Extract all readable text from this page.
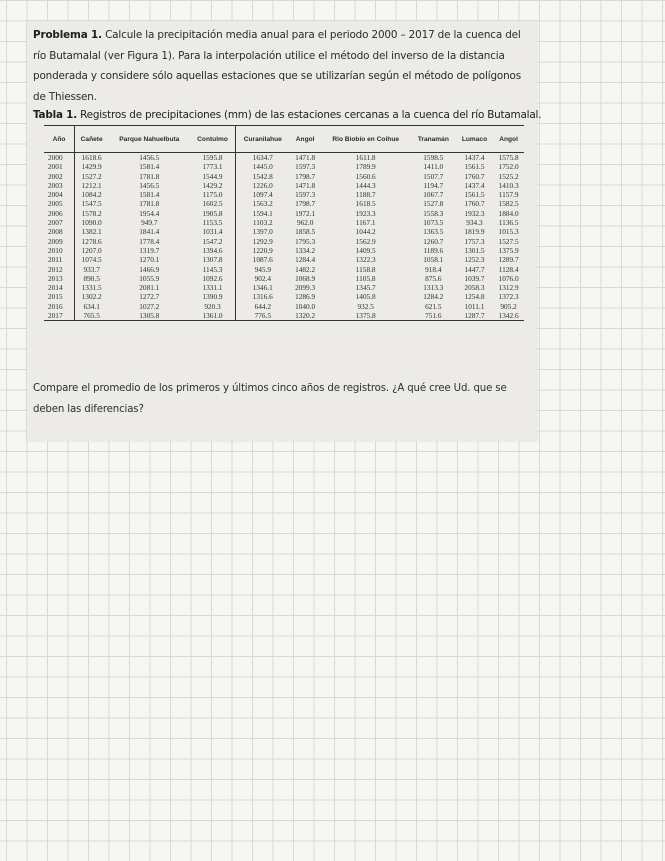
Problema 1. Calcule la precipitación media anual para el periodo 2000 – 2017 de la cuenca del río Butamalal (ver Figura 1). Para la interpolación utilice el método del inverso de la distancia ponderada y considere sólo aquellas estaciones que se utilizarían según el método de polígonos de Thiessen.

Tabla 1. Registros de precipitaciones (mm) de las estaciones cercanas a la cuenca del río Butamalal.
Año	Cañete	Parque Nahuelbuta	Contulmo	Curanilahue	Angol	Rio Biobío en Coihue	Tranamán	Lumaco	Angol
2000	1618.6	1456.5	1595.8	1634.7	1471.8	1611.8	1598.5	1437.4	1575.8
2001	1429.9	1581.4	1773.1	1445.0	1597.3	1789.9	1411.0	1561.5	1752.0
2002	1527.2	1781.8	1544.9	1542.8	1798.7	1560.6	1507.7	1760.7	1525.2
2003	1212.1	1456.5	1429.2	1226.0	1471.8	1444.3	1194.7	1437.4	1410.3
2004	1084.2	1581.4	1175.0	1097.4	1597.3	1188.7	1067.7	1561.5	1157.9
2005	1547.5	1781.8	1602.5	1563.2	1798.7	1618.5	1527.8	1760.7	1582.5
2006	1578.2	1954.4	1905.8	1594.1	1972.1	1923.3	1558.3	1932.3	1884.0
2007	1090.0	949.7	1153.5	1103.2	962.0	1167.1	1073.5	934.3	1136.5
2008	1382.1	1841.4	1031.4	1397.0	1858.5	1044.2	1363.5	1819.9	1015.3
2009	1278.6	1778.4	1547.2	1292.9	1795.3	1562.9	1260.7	1757.3	1527.5
2010	1207.0	1319.7	1394.6	1220.9	1334.2	1409.5	1189.6	1301.5	1375.9
2011	1074.5	1270.1	1307.8	1087.6	1284.4	1322.3	1058.1	1252.3	1289.7
2012	933.7	1466.9	1145.3	945.9	1482.2	1158.8	918.4	1447.7	1128.4
2013	890.5	1055.9	1092.6	902.4	1068.9	1105.8	875.6	1039.7	1076.0
2014	1331.5	2081.1	1331.1	1346.1	2099.3	1345.7	1313.3	2058.3	1312.9
2015	1302.2	1272.7	1390.9	1316.6	1286.9	1405.8	1284.2	1254.8	1372.3
2016	634.1	1027.2	920.3	644.2	1040.0	932.5	621.5	1011.1	905.2
2017	765.5	1305.8	1361.0	776.5	1320.2	1375.8	751.6	1287.7	1342.6

Compare el promedio de los primeros y últimos cinco años de registros. ¿A qué cree Ud. que se deben las diferencias?
